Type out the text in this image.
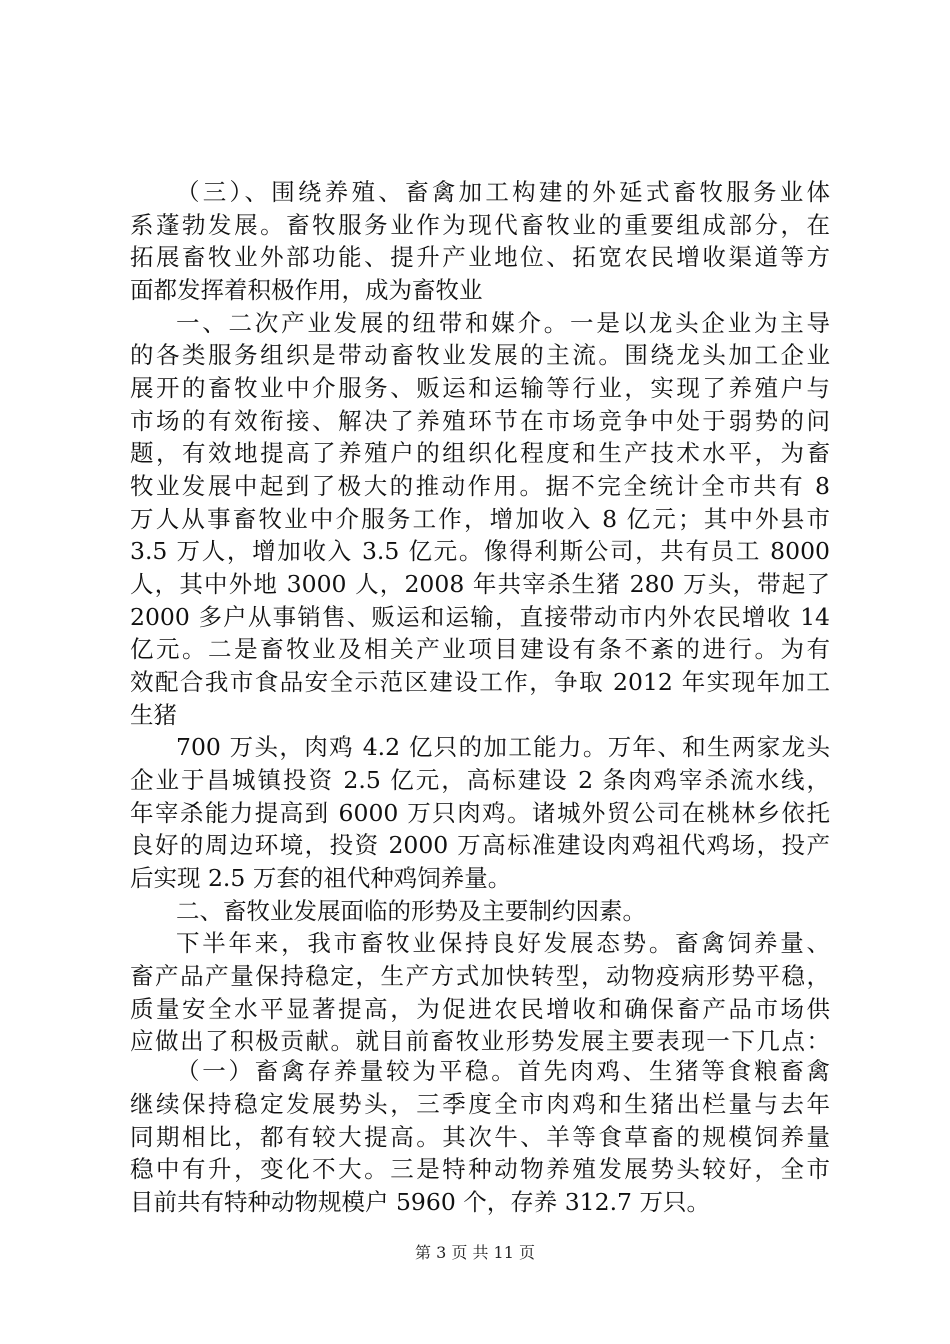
（三）、围绕养殖、畜禽加工构建的外延式畜牧服务业体
系蓬勃发展。畜牧服务业作为现代畜牧业的重要组成部分，在
拓展畜牧业外部功能、提升产业地位、拓宽农民增收渠道等方
面都发挥着积极作用，成为畜牧业
一、二次产业发展的纽带和媒介。一是以龙头企业为主导
的各类服务组织是带动畜牧业发展的主流。围绕龙头加工企业
展开的畜牧业中介服务、贩运和运输等行业，实现了养殖户与
市场的有效衔接、解决了养殖环节在市场竞争中处于弱势的问
题，有效地提高了养殖户的组织化程度和生产技术水平，为畜
牧业发展中起到了极大的推动作用。据不完全统计全市共有 8
万人从事畜牧业中介服务工作，增加收入 8 亿元；其中外县市
3.5 万人，增加收入 3.5 亿元。像得利斯公司，共有员工 8000
人，其中外地 3000 人，2008 年共宰杀生猪 280 万头，带起了
2000 多户从事销售、贩运和运输，直接带动市内外农民增收 14
亿元。二是畜牧业及相关产业项目建设有条不紊的进行。为有
效配合我市食品安全示范区建设工作，争取 2012 年实现年加工
生猪
700 万头，肉鸡 4.2 亿只的加工能力。万年、和生两家龙头
企业于昌城镇投资 2.5 亿元，高标建设 2 条肉鸡宰杀流水线，
年宰杀能力提高到 6000 万只肉鸡。诸城外贸公司在桃林乡依托
良好的周边环境，投资 2000 万高标准建设肉鸡祖代鸡场，投产
后实现 2.5 万套的祖代种鸡饲养量。
二、畜牧业发展面临的形势及主要制约因素。
下半年来，我市畜牧业保持良好发展态势。畜禽饲养量、
畜产品产量保持稳定，生产方式加快转型，动物疫病形势平稳，
质量安全水平显著提高，为促进农民增收和确保畜产品市场供
应做出了积极贡献。就目前畜牧业形势发展主要表现一下几点：
（一）畜禽存养量较为平稳。首先肉鸡、生猪等食粮畜禽
继续保持稳定发展势头，三季度全市肉鸡和生猪出栏量与去年
同期相比，都有较大提高。其次牛、羊等食草畜的规模饲养量
稳中有升，变化不大。三是特种动物养殖发展势头较好，全市
目前共有特种动物规模户 5960 个，存养 312.7 万只。
第 3 页 共 11 页
